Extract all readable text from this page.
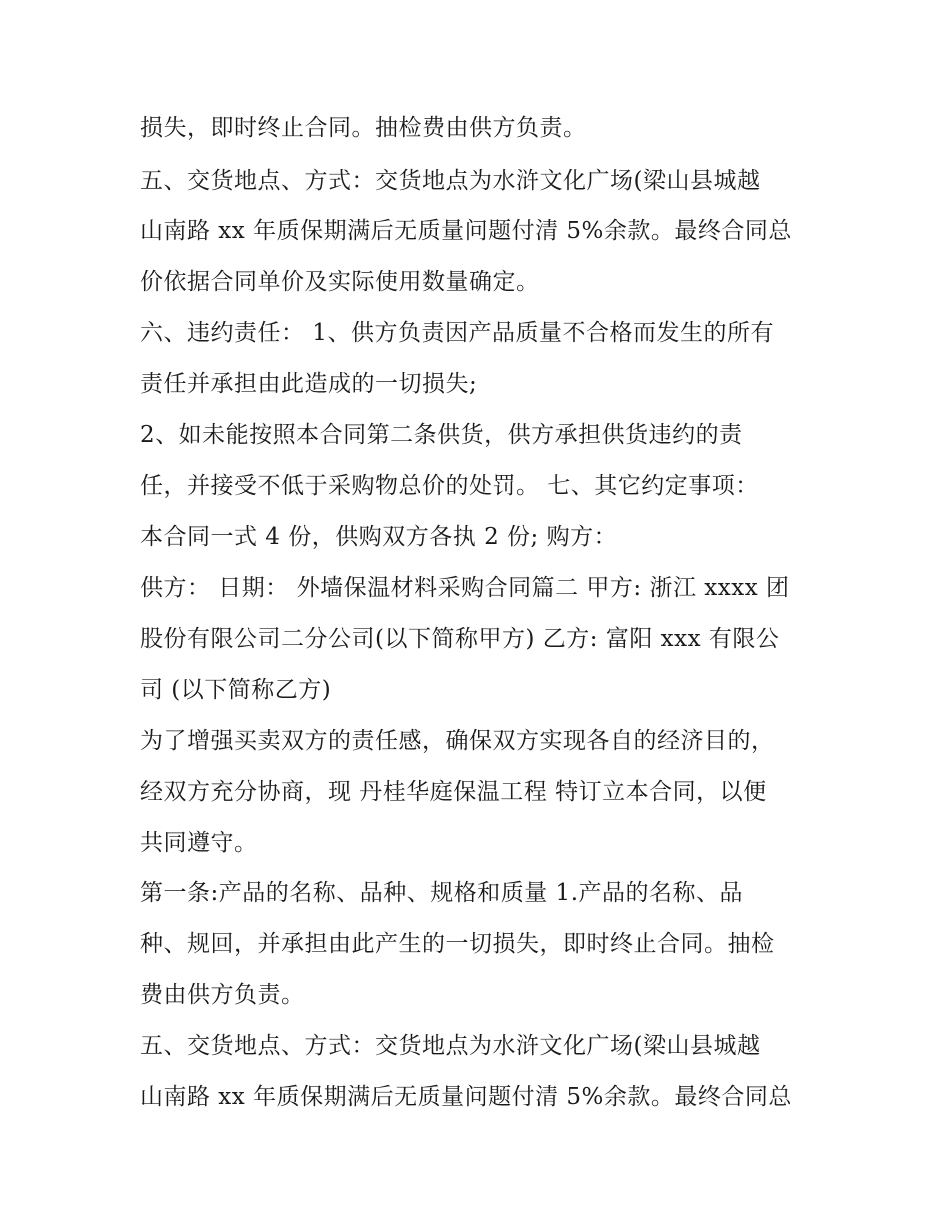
损失，即时终止合同。抽检费由供方负责。
五、交货地点、方式：交货地点为水浒文化广场(梁山县城越
山南路 xx 年质保期满后无质量问题付清 5%余款。最终合同总
价依据合同单价及实际使用数量确定。
六、违约责任： 1、供方负责因产品质量不合格而发生的所有
责任并承担由此造成的一切损失;
2、如未能按照本合同第二条供货，供方承担供货违约的责
任，并接受不低于采购物总价的处罚。 七、其它约定事项：
本合同一式 4 份，供购双方各执 2 份; 购方：
供方： 日期： 外墙保温材料采购合同篇二 甲方: 浙江 xxxx 团
股份有限公司二分公司(以下简称甲方) 乙方: 富阳 xxx 有限公
司 (以下简称乙方)
为了增强买卖双方的责任感，确保双方实现各自的经济目的，
经双方充分协商，现 丹桂华庭保温工程 特订立本合同，以便
共同遵守。
第一条:产品的名称、品种、规格和质量 1.产品的名称、品
种、规回，并承担由此产生的一切损失，即时终止合同。抽检
费由供方负责。
五、交货地点、方式：交货地点为水浒文化广场(梁山县城越
山南路 xx 年质保期满后无质量问题付清 5%余款。最终合同总
